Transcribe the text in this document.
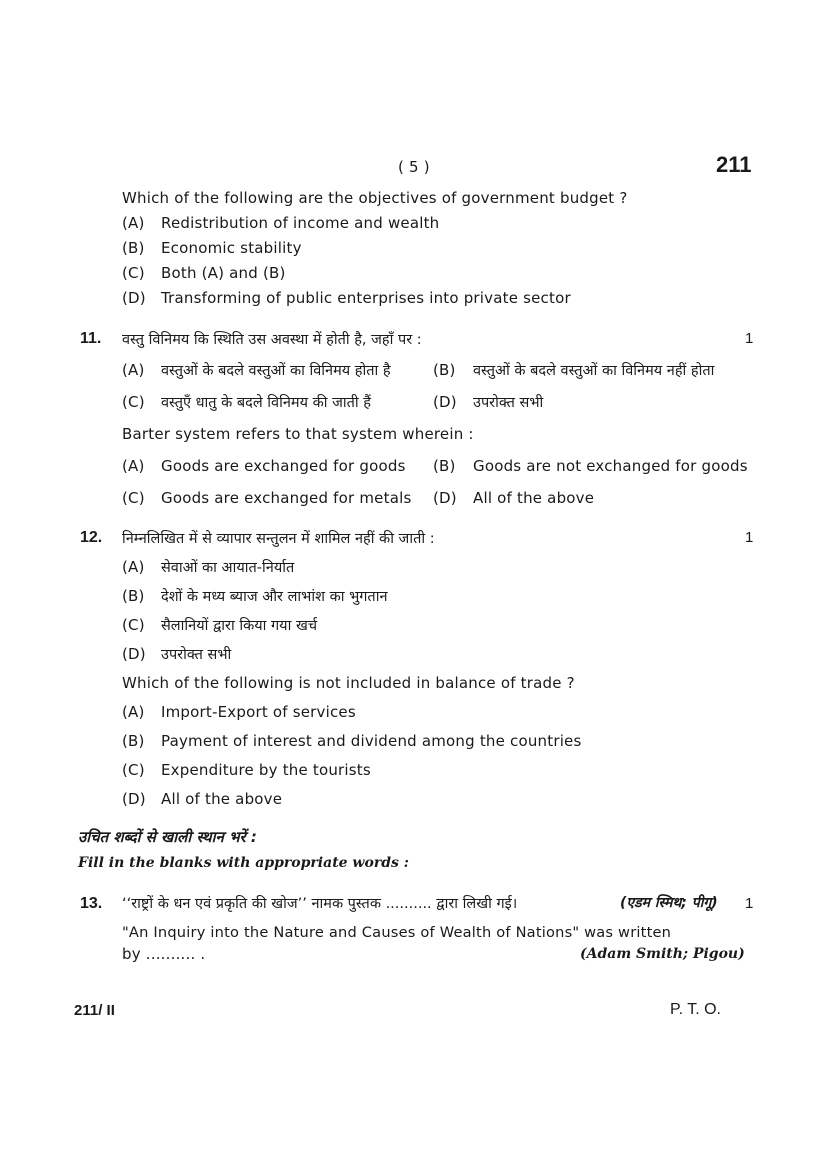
( 5 )	211
Which of the following are the objectives of government budget ?
(A) Redistribution of income and wealth
(B) Economic stability
(C) Both (A) and (B)
(D) Transforming of public enterprises into private sector
11. वस्तु विनिमय कि स्थिति उस अवस्था में होती है, जहाँ पर :	1
(A) वस्तुओं के बदले वस्तुओं का विनिमय होता है	(B) वस्तुओं के बदले वस्तुओं का विनिमय नहीं होता
(C) वस्तुएँ धातु के बदले विनिमय की जाती हैं	(D) उपरोक्त सभी
Barter system refers to that system wherein :
(A) Goods are exchanged for goods (B) Goods are not exchanged for goods
(C) Goods are exchanged for metals (D) All of the above
12. निम्नलिखित में से व्यापार सन्तुलन में शामिल नहीं की जाती :	1
(A) सेवाओं का आयात-निर्यात
(B) देशों के मध्य ब्याज और लाभांश का भुगतान
(C) सैलानियों द्वारा किया गया खर्च
(D) उपरोक्त सभी
Which of the following is not included in balance of trade ?
(A) Import-Export of services
(B) Payment of interest and dividend among the countries
(C) Expenditure by the tourists
(D) All of the above
उचित शब्दों से खाली स्थान भरें :
Fill in the blanks with appropriate words :
13. ‘‘राष्ट्रों के धन एवं प्रकृति की खोज’’ नामक पुस्तक .......... द्वारा लिखी गई।	(एडम स्मिथ; पीगू) 1
"An Inquiry into the Nature and Causes of Wealth of Nations" was written
by .......... .	(Adam Smith; Pigou)
211/ II	P. T. O.
